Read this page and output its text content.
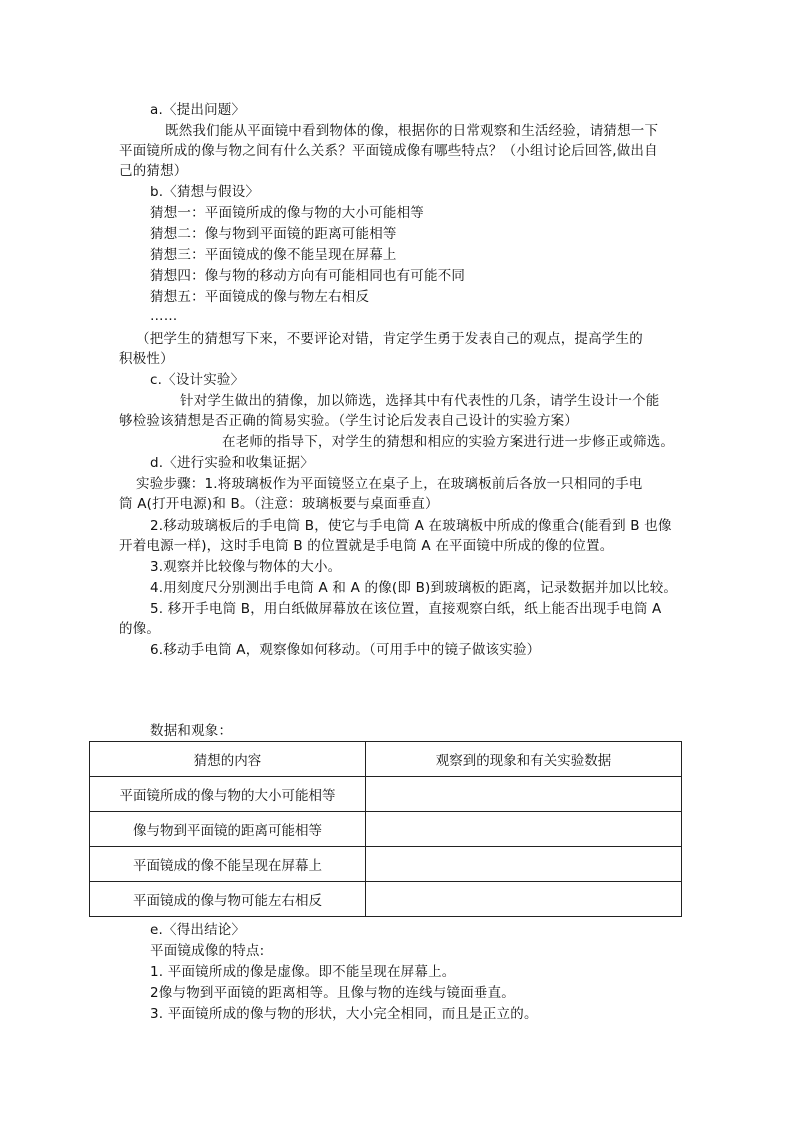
a.〈提出问题〉
既然我们能从平面镜中看到物体的像，根据你的日常观察和生活经验，请猜想一下
平面镜所成的像与物之间有什么关系？平面镜成像有哪些特点？（小组讨论后回答,做出自
己的猜想）
b.〈猜想与假设〉
猜想一：平面镜所成的像与物的大小可能相等
猜想二：像与物到平面镜的距离可能相等
猜想三：平面镜成的像不能呈现在屏幕上
猜想四：像与物的移动方向有可能相同也有可能不同
猜想五：平面镜成的像与物左右相反
……
（把学生的猜想写下来，不要评论对错，肯定学生勇于发表自己的观点，提高学生的
积极性）
c.〈设计实验〉
针对学生做出的猜像，加以筛选，选择其中有代表性的几条，请学生设计一个能
够检验该猜想是否正确的简易实验。（学生讨论后发表自己设计的实验方案）
在老师的指导下，对学生的猜想和相应的实验方案进行进一步修正或筛选。
d.〈进行实验和收集证据〉
实验步骤：1.将玻璃板作为平面镜竖立在桌子上，在玻璃板前后各放一只相同的手电
筒 A(打开电源)和 B。（注意：玻璃板要与桌面垂直）
2.移动玻璃板后的手电筒 B，使它与手电筒 A 在玻璃板中所成的像重合(能看到 B 也像
开着电源一样)，这时手电筒 B 的位置就是手电筒 A 在平面镜中所成的像的位置。
3.观察并比较像与物体的大小。
4.用刻度尺分别测出手电筒 A 和 A 的像(即 B)到玻璃板的距离，记录数据并加以比较。
5. 移开手电筒 B，用白纸做屏幕放在该位置，直接观察白纸，纸上能否出现手电筒 A
的像。
6.移动手电筒 A，观察像如何移动。（可用手中的镜子做该实验）
数据和观象：
猜想的内容	观察到的现象和有关实验数据
平面镜所成的像与物的大小可能相等	
像与物到平面镜的距离可能相等	
平面镜成的像不能呈现在屏幕上	
平面镜成的像与物可能左右相反	
e.〈得出结论〉
平面镜成像的特点:
1. 平面镜所成的像是虚像。即不能呈现在屏幕上。
2像与物到平面镜的距离相等。且像与物的连线与镜面垂直。
3. 平面镜所成的像与物的形状，大小完全相同，而且是正立的。
